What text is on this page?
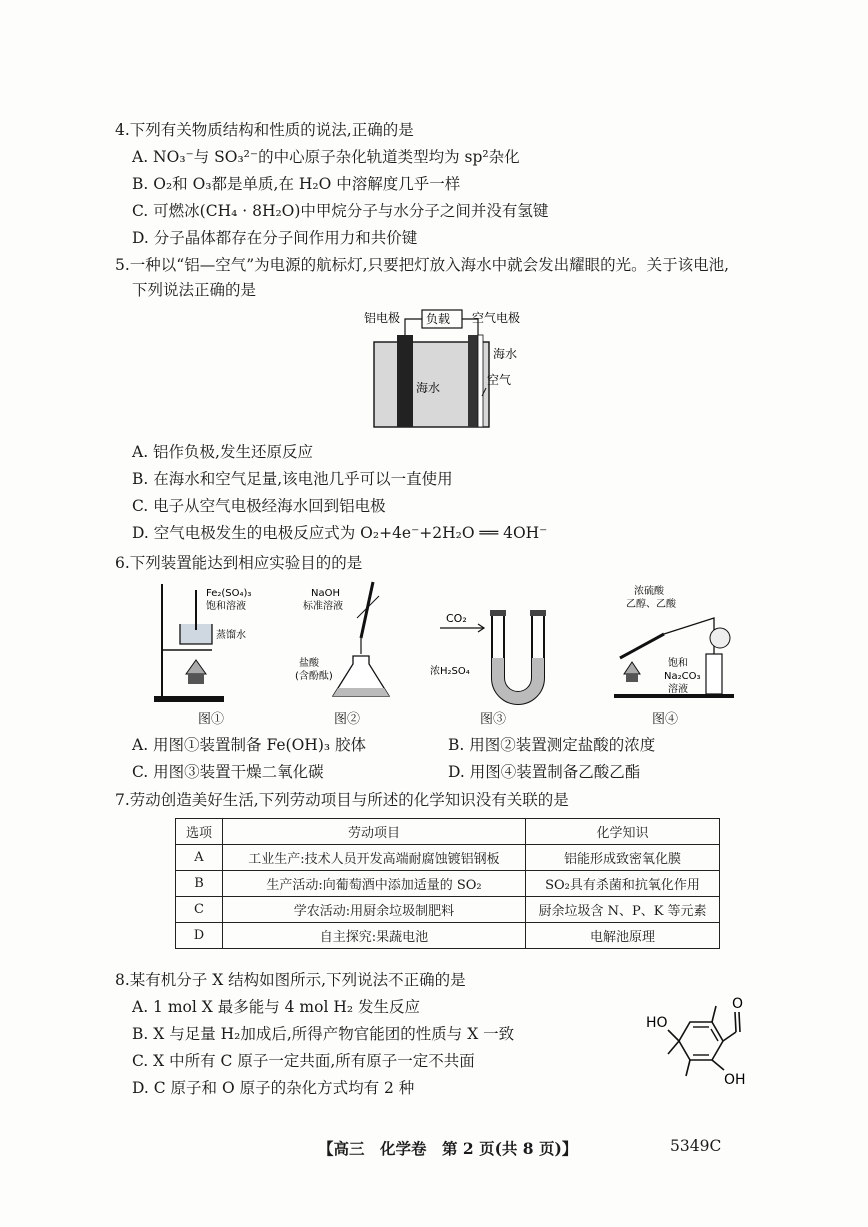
4.下列有关物质结构和性质的说法,正确的是
A. NO₃⁻与 SO₃²⁻的中心原子杂化轨道类型均为 sp²杂化
B. O₂和 O₃都是单质,在 H₂O 中溶解度几乎一样
C. 可燃冰(CH₄ · 8H₂O)中甲烷分子与水分子之间并没有氢键
D. 分子晶体都存在分子间作用力和共价键
5.一种以“铝—空气”为电源的航标灯,只要把灯放入海水中就会发出耀眼的光。关于该电池,
下列说法正确的是
铝电极 负载 空气电极
海水
海水
空气
A. 铝作负极,发生还原反应
B. 在海水和空气足量,该电池几乎可以一直使用
C. 电子从空气电极经海水回到铝电极
D. 空气电极发生的电极反应式为 O₂+4e⁻+2H₂O ══ 4OH⁻
6.下列装置能达到相应实验目的的是
Fe₂(SO₄)₃
饱和溶液
蒸馏水
图①
NaOH
标准溶液
盐酸
(含酚酞)
图②
CO₂
浓H₂SO₄
图③
浓硫酸
乙醇、乙酸
饱和
Na₂CO₃
溶液
图④
A. 用图①装置制备 Fe(OH)₃ 胶体	B. 用图②装置测定盐酸的浓度
C. 用图③装置干燥二氧化碳	D. 用图④装置制备乙酸乙酯
7.劳动创造美好生活,下列劳动项目与所述的化学知识没有关联的是
选项	劳动项目	化学知识
A	工业生产:技术人员开发高端耐腐蚀镀铝钢板	铝能形成致密氧化膜
B	生产活动:向葡萄酒中添加适量的 SO₂	SO₂具有杀菌和抗氧化作用
C	学农活动:用厨余垃圾制肥料	厨余垃圾含 N、P、K 等元素
D	自主探究:果蔬电池	电解池原理
8.某有机分子 X 结构如图所示,下列说法不正确的是
A. 1 mol X 最多能与 4 mol H₂ 发生反应
B. X 与足量 H₂加成后,所得产物官能团的性质与 X 一致
C. X 中所有 C 原子一定共面,所有原子一定不共面
D. C 原子和 O 原子的杂化方式均有 2 种
HO
OH
O
【高三　化学卷　第 2 页(共 8 页)】	5349C
